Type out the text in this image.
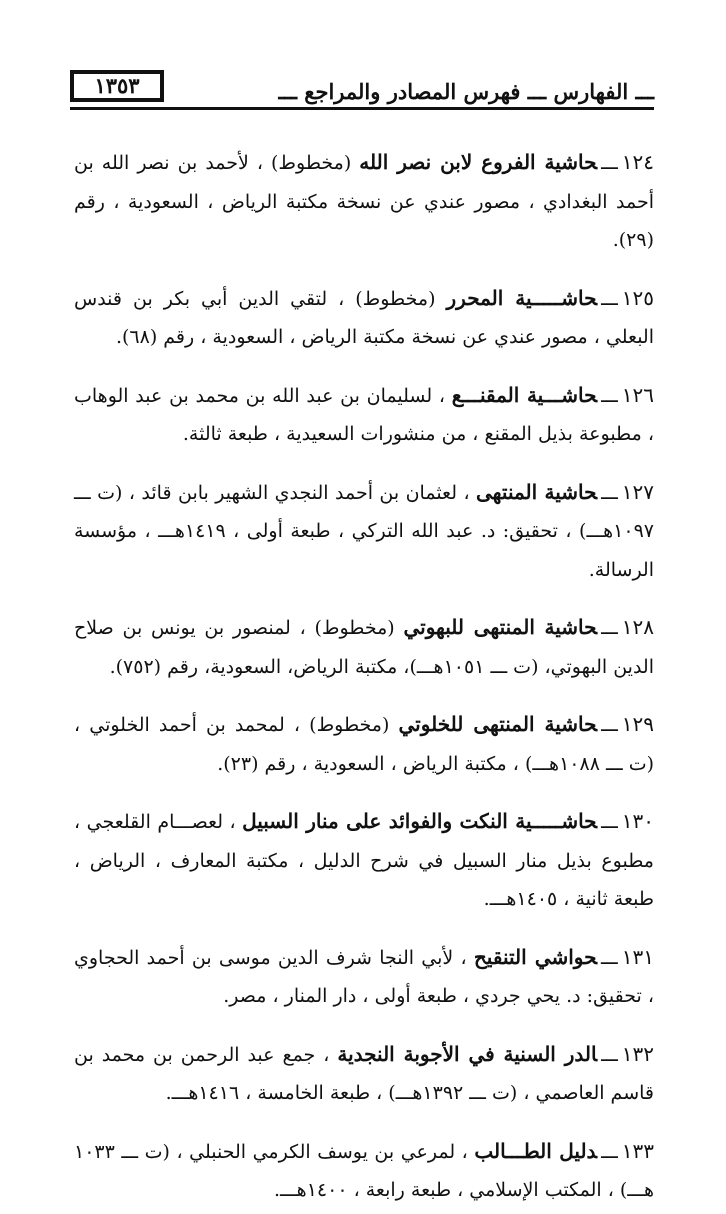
١٣٥٣	ـــ الفهارس ـــ فهرس المصادر والمراجع ـــ

١٢٤ـــحاشية الفروع لابن نصر الله (مخطوط) ، لأحمد بن نصر الله بن أحمد البغدادي ، مصور عندي عن نسخة مكتبة الرياض ، السعودية ، رقم (٢٩).

١٢٥ـــحاشـــــية المحرر (مخطوط) ، لتقي الدين أبي بكر بن قندس البعلي ، مصور عندي عن نسخة مكتبة الرياض ، السعودية ، رقم (٦٨).

١٢٦ـــحاشـــية المقنـــع ، لسليمان بن عبد الله بن محمد بن عبد الوهاب ، مطبوعة بذيل المقنع ، من منشورات السعيدية ، طبعة ثالثة.

١٢٧ـــحاشية المنتهى ، لعثمان بن أحمد النجدي الشهير بابن قائد ، (ت ـــ ١٠٩٧هـــ) ، تحقيق: د. عبد الله التركي ، طبعة أولى ، ١٤١٩هـــ ، مؤسسة الرسالة.

١٢٨ـــحاشية المنتهى للبهوتي (مخطوط) ، لمنصور بن يونس بن صلاح الدين البهوتي، (ت ـــ ١٠٥١هـــ)، مكتبة الرياض، السعودية، رقم (٧٥٢).

١٢٩ـــحاشية المنتهى للخلوتي (مخطوط) ، لمحمد بن أحمد الخلوتي ، (ت ـــ ١٠٨٨هـــ) ، مكتبة الرياض ، السعودية ، رقم (٢٣).

١٣٠ـــحاشـــــية النكت والفوائد على منار السبيل ، لعصـــام القلعجي ، مطبوع بذيل منار السبيل في شرح الدليل ، مكتبة المعارف ، الرياض ، طبعة ثانية ، ١٤٠٥هـــ.

١٣١ـــحواشي التنقيح ، لأبي النجا شرف الدين موسى بن أحمد الحجاوي ، تحقيق: د. يحي جردي ، طبعة أولى ، دار المنار ، مصر.

١٣٢ـــالدر السنية في الأجوبة النجدية ، جمع عبد الرحمن بن محمد بن قاسم العاصمي ، (ت ـــ ١٣٩٢هـــ) ، طبعة الخامسة ، ١٤١٦هـــ.

١٣٣ـــدليل الطـــالب ، لمرعي بن يوسف الكرمي الحنبلي ، (ت ـــ ١٠٣٣ هـــ) ، المكتب الإسلامي ، طبعة رابعة ، ١٤٠٠هـــ.
